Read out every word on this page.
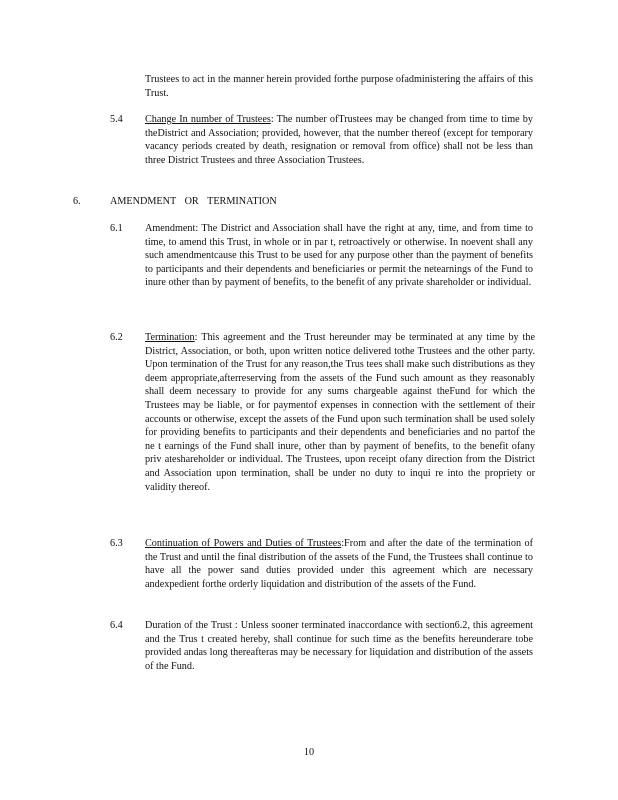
Trustees to act in the manner herein provided forthe purpose ofadministering the affairs of this Trust.
5.4 Change In number of Trustees: The number ofTrustees may be changed from time to time by theDistrict and Association; provided, however, that the number thereof (except for temporary vacancy periods created by death, resignation or removal from office) shall not be less than three District Trustees and three Association Trustees.
6.	AMENDMENT OR TERMINATION
6.1 Amendment: The District and Association shall have the right at any, time, and from time to time, to amend this Trust, in whole or in par t, retroactively or otherwise. In noevent shall any such amendmentcause this Trust to be used for any purpose other than the payment of benefits to participants and their dependents and beneficiaries or permit the netearnings of the Fund to inure other than by payment of benefits, to the benefit of any private shareholder or individual.
6.2 Termination: This agreement and the Trust hereunder may be terminated at any time by the District, Association, or both, upon written notice delivered tothe Trustees and the other party. Upon termination of the Trust for any reason,the Trus tees shall make such distributions as they deem appropriate,afterreserving from the assets of the Fund such amount as they reasonably shall deem necessary to provide for any sums chargeable against theFund for which the Trustees may be liable, or for paymentof expenses in connection with the settlement of their accounts or otherwise, except the assets of the Fund upon such termination shall be used solely for providing benefits to participants and their dependents and beneficiaries and no partof the ne t earnings of the Fund shall inure, other than by payment of benefits, to the benefit ofany priv ateshareholder or individual. The Trustees, upon receipt ofany direction from the District and Association upon termination, shall be under no duty to inqui re into the propriety or validity thereof.
6.3 Continuation of Powers and Duties of Trustees:From and after the date of the termination of the Trust and until the final distribution of the assets of the Fund, the Trustees shall continue to have all the power sand duties provided under this agreement which are necessary andexpedient forthe orderly liquidation and distribution of the assets of the Fund.
6.4 Duration of the Trust : Unless sooner terminated inaccordance with section6.2, this agreement and the Trus t created hereby, shall continue for such time as the benefits hereunderare tobe provided andas long thereafteras may be necessary for liquidation and distribution of the assets of the Fund.
10
